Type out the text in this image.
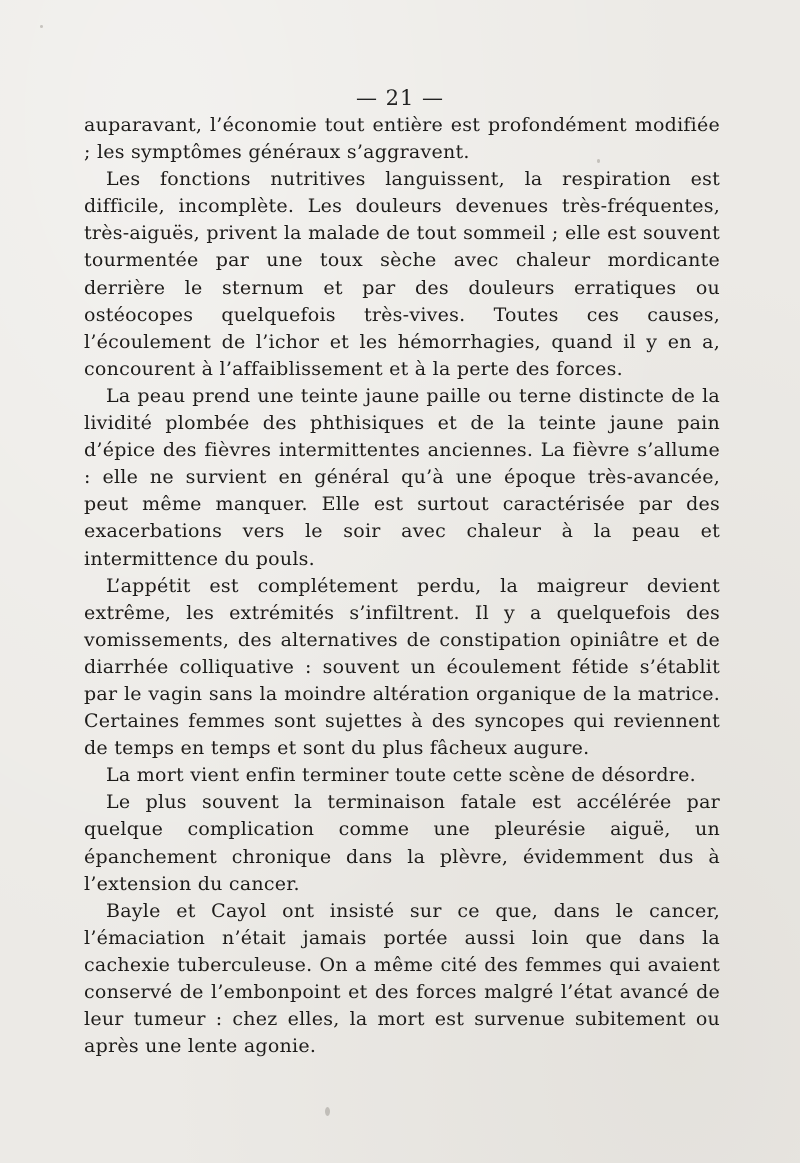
— 21 —

auparavant, l’économie tout entière est profondément modifiée ; les symptômes généraux s’aggravent.

Les fonctions nutritives languissent, la respiration est difficile, incomplète. Les douleurs devenues très-fréquentes, très-aiguës, privent la malade de tout sommeil ; elle est souvent tourmentée par une toux sèche avec chaleur mordicante derrière le sternum et par des douleurs erratiques ou ostéocopes quelquefois très-vives. Toutes ces causes, l’écoulement de l’ichor et les hémorrhagies, quand il y en a, concourent à l’affaiblissement et à la perte des forces.

La peau prend une teinte jaune paille ou terne distincte de la lividité plombée des phthisiques et de la teinte jaune pain d’épice des fièvres intermittentes anciennes. La fièvre s’allume : elle ne survient en général qu’à une époque très-avancée, peut même manquer. Elle est surtout caractérisée par des exacerbations vers le soir avec chaleur à la peau et intermittence du pouls.

L’appétit est complétement perdu, la maigreur devient extrême, les extrémités s’infiltrent. Il y a quelquefois des vomissements, des alternatives de constipation opiniâtre et de diarrhée colliquative : souvent un écoulement fétide s’établit par le vagin sans la moindre altération organique de la matrice. Certaines femmes sont sujettes à des syncopes qui reviennent de temps en temps et sont du plus fâcheux augure.

La mort vient enfin terminer toute cette scène de désordre.

Le plus souvent la terminaison fatale est accélérée par quelque complication comme une pleurésie aiguë, un épanchement chronique dans la plèvre, évidemment dus à l’extension du cancer.

Bayle et Cayol ont insisté sur ce que, dans le cancer, l’émaciation n’était jamais portée aussi loin que dans la cachexie tuberculeuse. On a même cité des femmes qui avaient conservé de l’embonpoint et des forces malgré l’état avancé de leur tumeur : chez elles, la mort est survenue subitement ou après une lente agonie.
